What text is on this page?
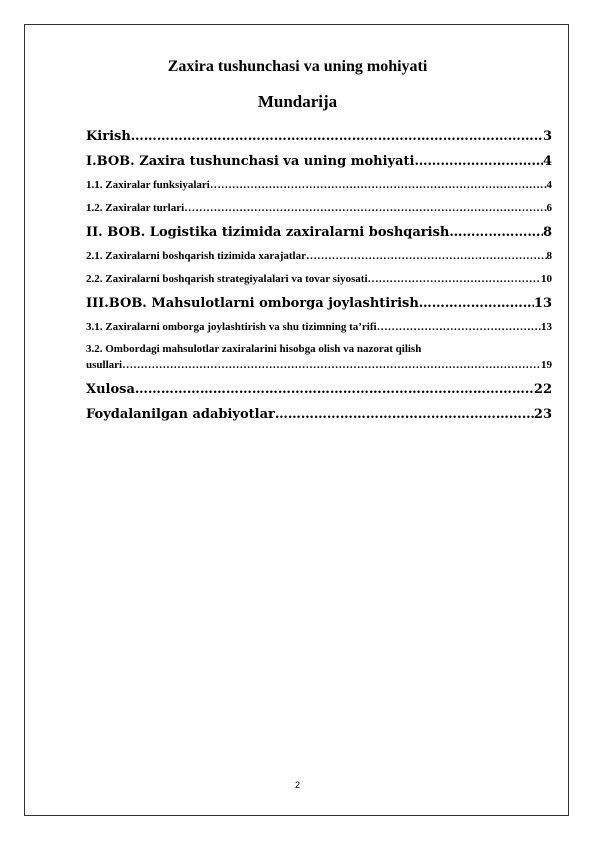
Zaxira tushunchasi va uning mohiyati
Mundarija
Kirish ……………………………………………………………………………………………………………………………………………………	3
I.BOB. Zaxira tushunchasi va uning mohiyati ……………………………………………………………………………………………………………………………………………………	4
1.1. Zaxiralar funksiyalari ……………………………………………………………………………………………………………………………………………………	4
1.2. Zaxiralar turlari ……………………………………………………………………………………………………………………………………………………	6
II. BOB. Logistika tizimida zaxiralarni boshqarish ……………………………………………………………………………………………………………………………………………………	8
2.1. Zaxiralarni boshqarish tizimida xarajatlar ……………………………………………………………………………………………………………………………………………………	8
2.2. Zaxiralarni boshqarish strategiyalalari va tovar siyosati ……………………………………………………………………………………………………………………………………………………	10
III.BOB. Mahsulotlarni omborga joylashtirish ……………………………………………………………………………………………………………………………………………………	13
3.1. Zaxiralarni omborga joylashtirish va shu tizimning ta’rifi ……………………………………………………………………………………………………………………………………………………	13
3.2. Ombordagi mahsulotlar zaxiralarini hisobga olish va nazorat qilish
usullari ……………………………………………………………………………………………………………………………………………………	19
Xulosa ……………………………………………………………………………………………………………………………………………………	22
Foydalanilgan adabiyotlar ……………………………………………………………………………………………………………………………………………………	23
2
